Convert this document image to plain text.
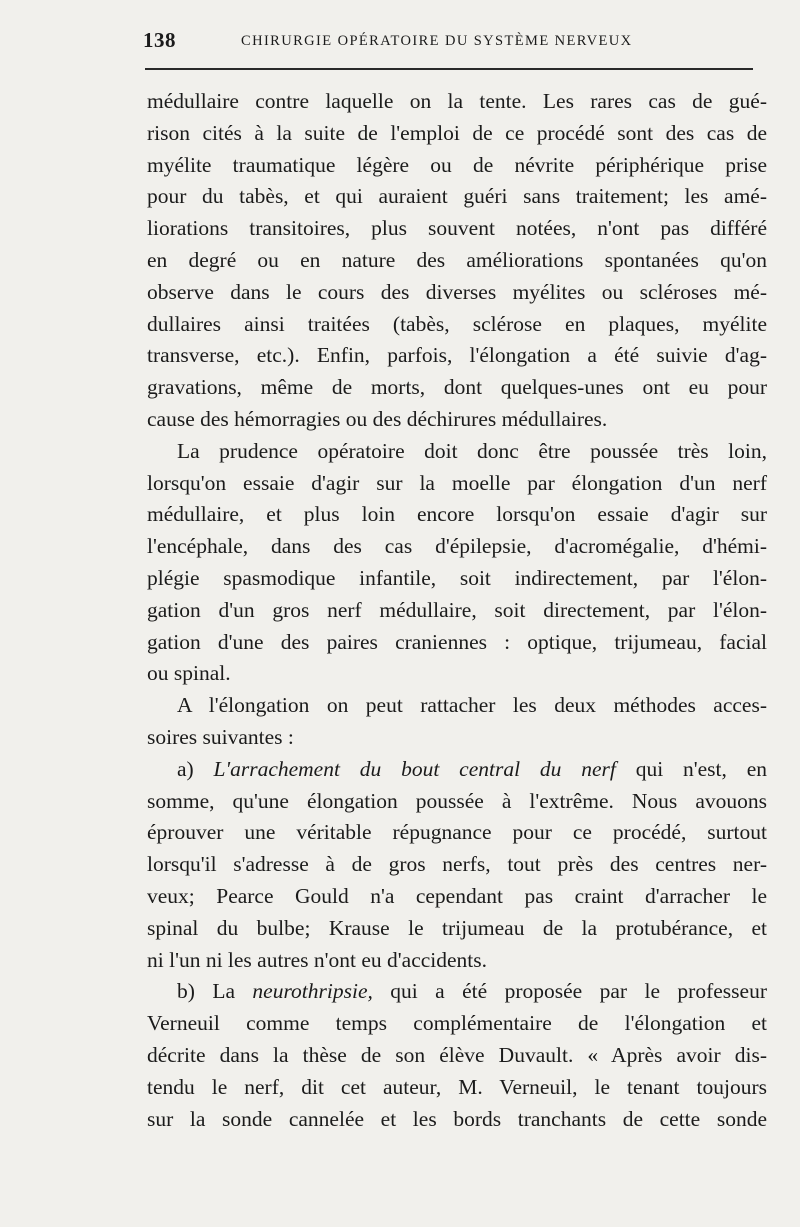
138	CHIRURGIE OPÉRATOIRE DU SYSTÈME NERVEUX
médullaire contre laquelle on la tente. Les rares cas de gué-
rison cités à la suite de l'emploi de ce procédé sont des cas de
myélite traumatique légère ou de névrite périphérique prise
pour du tabès, et qui auraient guéri sans traitement; les amé-
liorations transitoires, plus souvent notées, n'ont pas différé
en degré ou en nature des améliorations spontanées qu'on
observe dans le cours des diverses myélites ou scléroses mé-
dullaires ainsi traitées (tabès, sclérose en plaques, myélite
transverse, etc.). Enfin, parfois, l'élongation a été suivie d'ag-
gravations, même de morts, dont quelques-unes ont eu pour
cause des hémorragies ou des déchirures médullaires.
La prudence opératoire doit donc être poussée très loin,
lorsqu'on essaie d'agir sur la moelle par élongation d'un nerf
médullaire, et plus loin encore lorsqu'on essaie d'agir sur
l'encéphale, dans des cas d'épilepsie, d'acromégalie, d'hémi-
plégie spasmodique infantile, soit indirectement, par l'élon-
gation d'un gros nerf médullaire, soit directement, par l'élon-
gation d'une des paires craniennes : optique, trijumeau, facial
ou spinal.
A l'élongation on peut rattacher les deux méthodes acces-
soires suivantes :
a) L'arrachement du bout central du nerf qui n'est, en
somme, qu'une élongation poussée à l'extrême. Nous avouons
éprouver une véritable répugnance pour ce procédé, surtout
lorsqu'il s'adresse à de gros nerfs, tout près des centres ner-
veux; Pearce Gould n'a cependant pas craint d'arracher le
spinal du bulbe; Krause le trijumeau de la protubérance, et
ni l'un ni les autres n'ont eu d'accidents.
b) La neurothripsie, qui a été proposée par le professeur
Verneuil comme temps complémentaire de l'élongation et
décrite dans la thèse de son élève Duvault. « Après avoir dis-
tendu le nerf, dit cet auteur, M. Verneuil, le tenant toujours
sur la sonde cannelée et les bords tranchants de cette sonde
